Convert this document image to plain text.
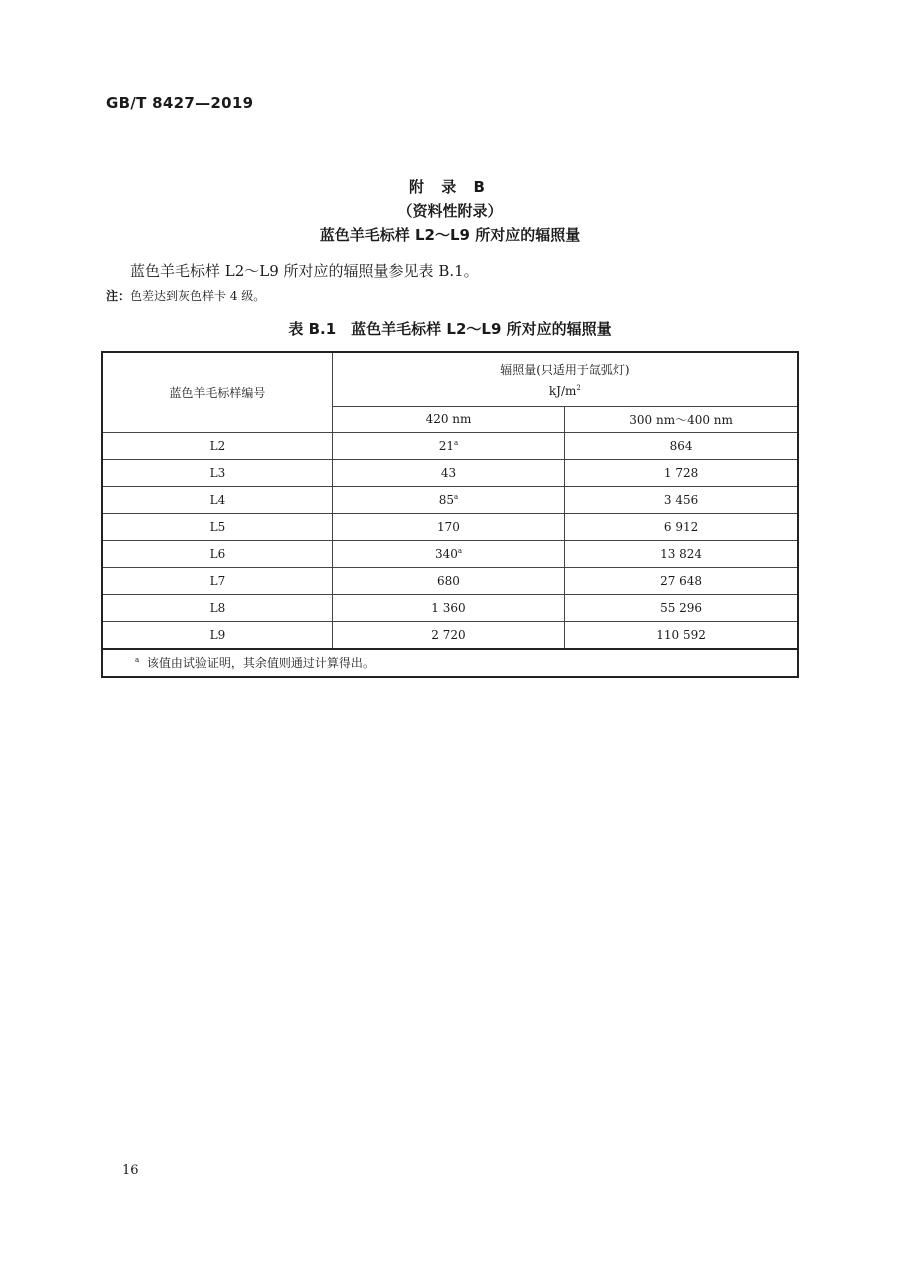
GB/T 8427—2019
附 录 B
（资料性附录）
蓝色羊毛标样 L2～L9 所对应的辐照量
蓝色羊毛标样 L2～L9 所对应的辐照量参见表 B.1。
注：色差达到灰色样卡 4 级。
表 B.1　蓝色羊毛标样 L2～L9 所对应的辐照量
蓝色羊毛标样编号	辐照量(只适用于氙弧灯)
$kJ/m^2$

	420 nm	300 nm～400 nm
L2	21$^a$	864
L3	43	1 728
L4	85$^a$	3 456
L5	170	6 912
L6	340$^a$	13 824
L7	680	27 648
L8	1 360	55 296
L9	2 720	110 592
$^a$ 该值由试验证明，其余值则通过计算得出。		
16
